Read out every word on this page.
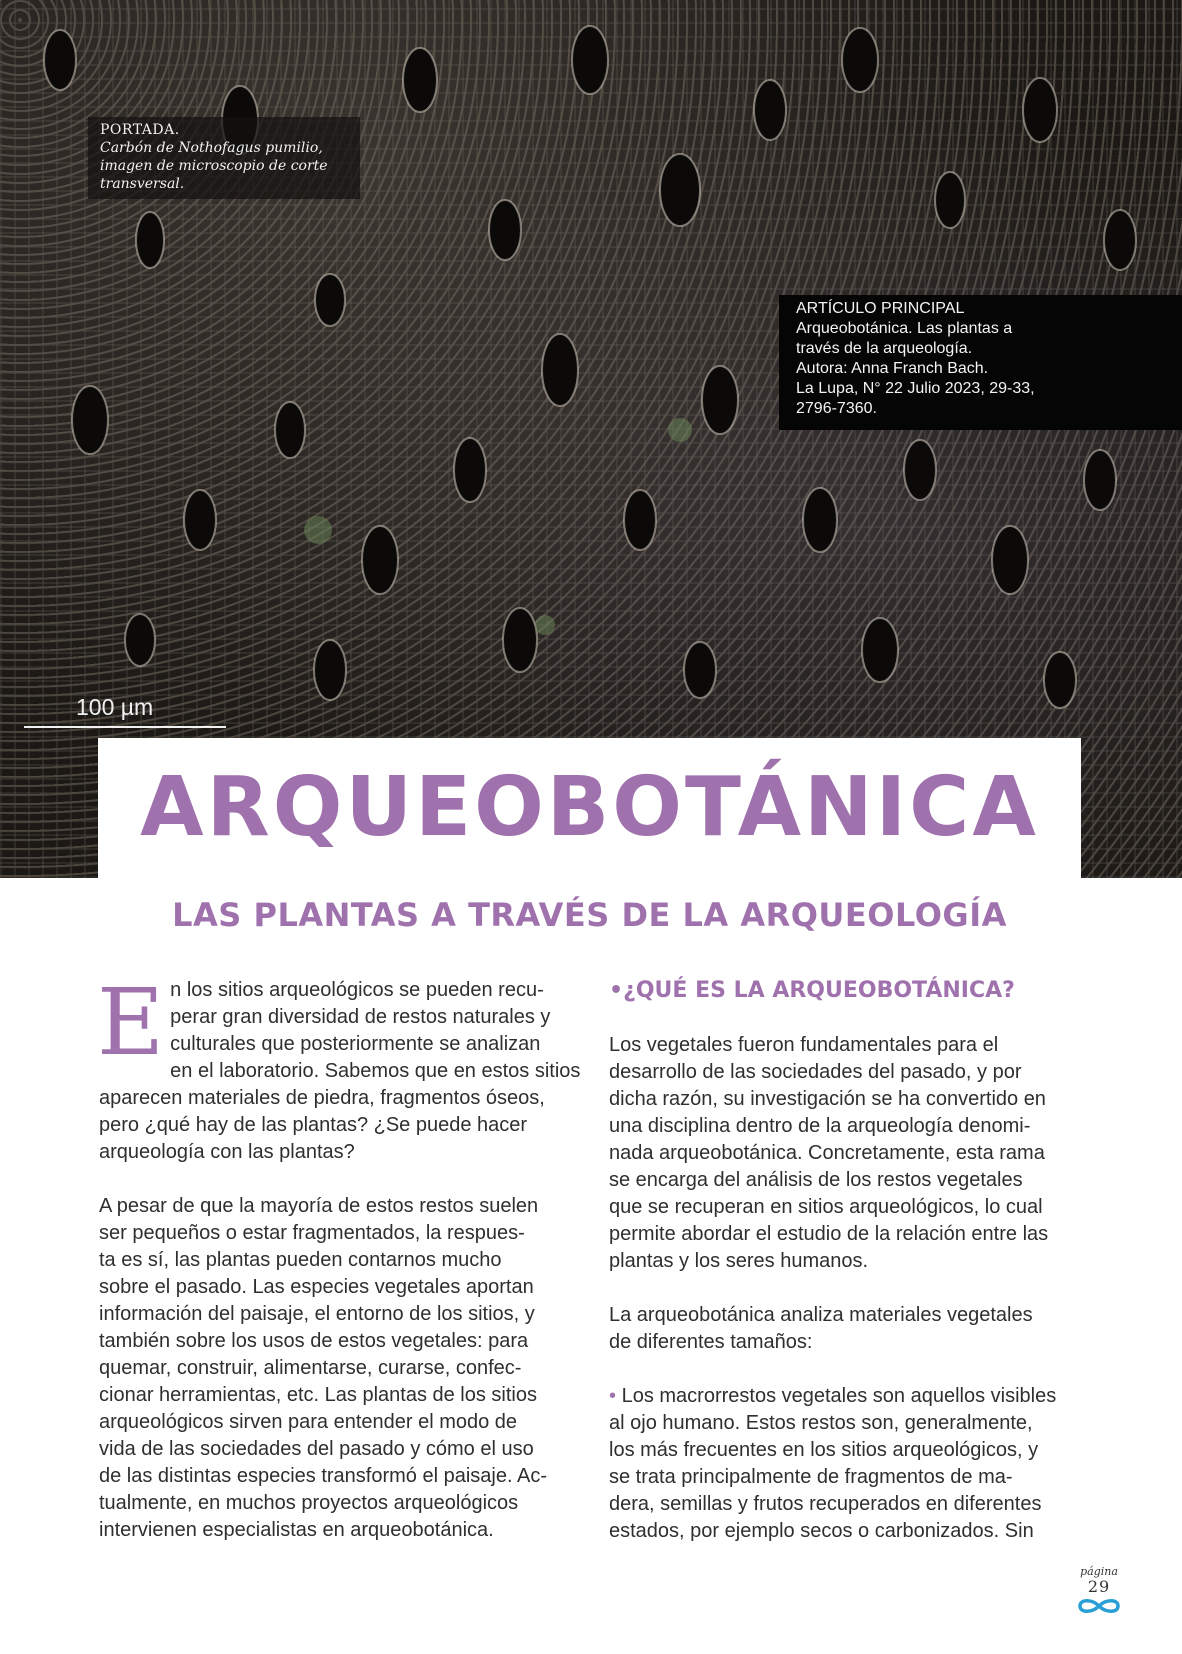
PORTADA.
Carbón de Nothofagus pumilio, imagen de microscopio de corte transversal.
ARTÍCULO PRINCIPAL
Arqueobotánica. Las plantas a
través de la arqueología.
Autora: Anna Franch Bach.
La Lupa, N° 22 Julio 2023, 29-33,
2796-7360.
100 µm
ARQUEOBOTÁNICA
LAS PLANTAS A TRAVÉS DE LA ARQUEOLOGÍA

E n los sitios arqueológicos se pueden recu-
perar gran diversidad de restos naturales y
culturales que posteriormente se analizan
en el laboratorio. Sabemos que en estos sitios
aparecen materiales de piedra, fragmentos óseos,
pero ¿qué hay de las plantas? ¿Se puede hacer
arqueología con las plantas?

A pesar de que la mayoría de estos restos suelen
ser pequeños o estar fragmentados, la respues-
ta es sí, las plantas pueden contarnos mucho
sobre el pasado. Las especies vegetales aportan
información del paisaje, el entorno de los sitios, y
también sobre los usos de estos vegetales: para
quemar, construir, alimentarse, curarse, confec-
cionar herramientas, etc. Las plantas de los sitios
arqueológicos sirven para entender el modo de
vida de las sociedades del pasado y cómo el uso
de las distintas especies transformó el paisaje. Ac-
tualmente, en muchos proyectos arqueológicos
intervienen especialistas en arqueobotánica.

•¿QUÉ ES LA ARQUEOBOTÁNICA?

Los vegetales fueron fundamentales para el
desarrollo de las sociedades del pasado, y por
dicha razón, su investigación se ha convertido en
una disciplina dentro de la arqueología denomi-
nada arqueobotánica. Concretamente, esta rama
se encarga del análisis de los restos vegetales
que se recuperan en sitios arqueológicos, lo cual
permite abordar el estudio de la relación entre las
plantas y los seres humanos.

La arqueobotánica analiza materiales vegetales
de diferentes tamaños:

• Los macrorrestos vegetales son aquellos visibles
al ojo humano. Estos restos son, generalmente,
los más frecuentes en los sitios arqueológicos, y
se trata principalmente de fragmentos de ma-
dera, semillas y frutos recuperados en diferentes
estados, por ejemplo secos o carbonizados. Sin

página
29
